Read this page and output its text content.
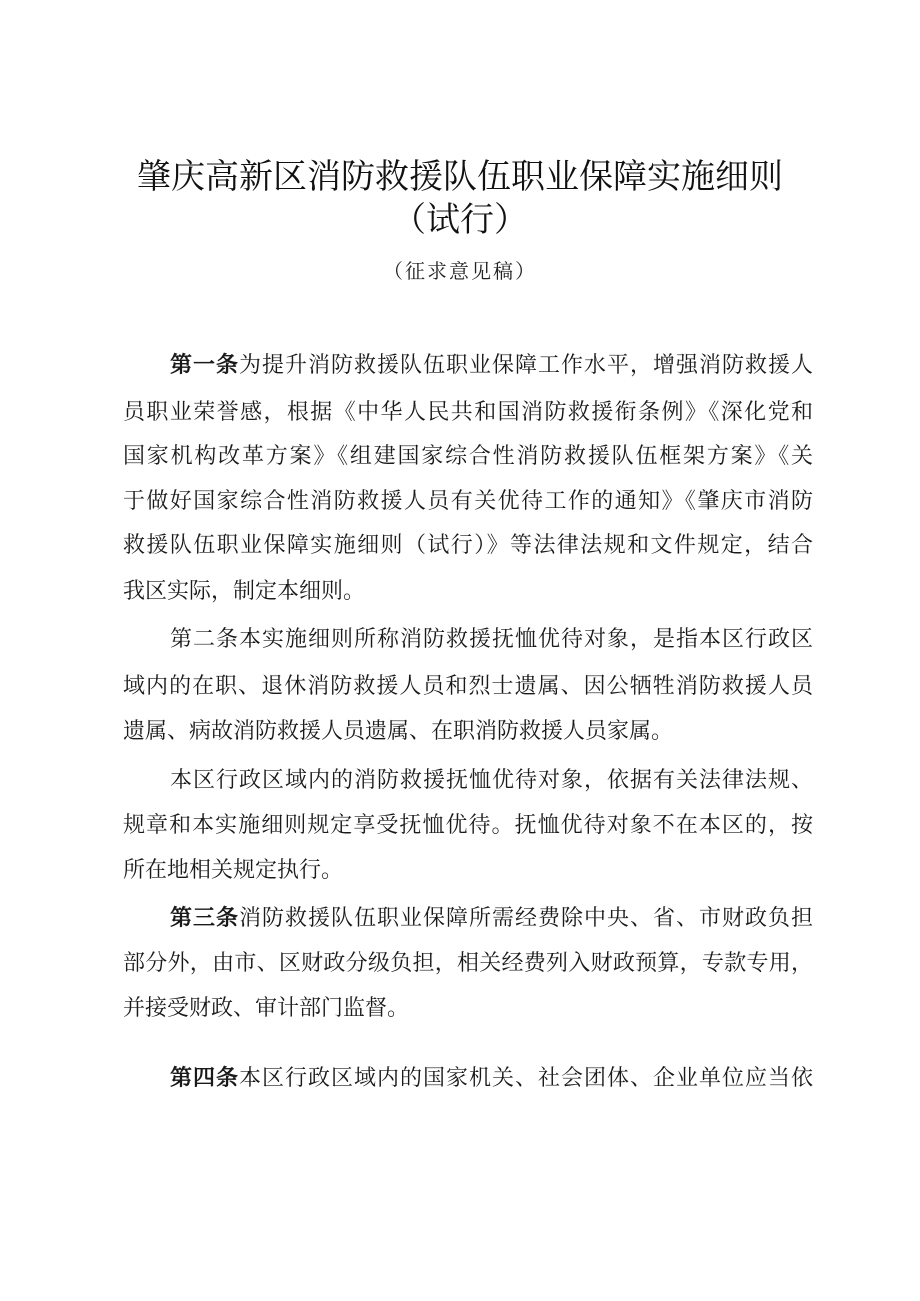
肇庆高新区消防救援队伍职业保障实施细则
（试行）
（征求意见稿）
第一条为提升消防救援队伍职业保障工作水平，增强消防救援人
员职业荣誉感，根据《中华人民共和国消防救援衔条例》《深化党和
国家机构改革方案》《组建国家综合性消防救援队伍框架方案》《关
于做好国家综合性消防救援人员有关优待工作的通知》《肇庆市消防
救援队伍职业保障实施细则（试行）》等法律法规和文件规定，结合
我区实际，制定本细则。
第二条本实施细则所称消防救援抚恤优待对象，是指本区行政区
域内的在职、退休消防救援人员和烈士遗属、因公牺牲消防救援人员
遗属、病故消防救援人员遗属、在职消防救援人员家属。
本区行政区域内的消防救援抚恤优待对象，依据有关法律法规、
规章和本实施细则规定享受抚恤优待。抚恤优待对象不在本区的，按
所在地相关规定执行。
第三条消防救援队伍职业保障所需经费除中央、省、市财政负担
部分外，由市、区财政分级负担，相关经费列入财政预算，专款专用，
并接受财政、审计部门监督。
第四条本区行政区域内的国家机关、社会团体、企业单位应当依
